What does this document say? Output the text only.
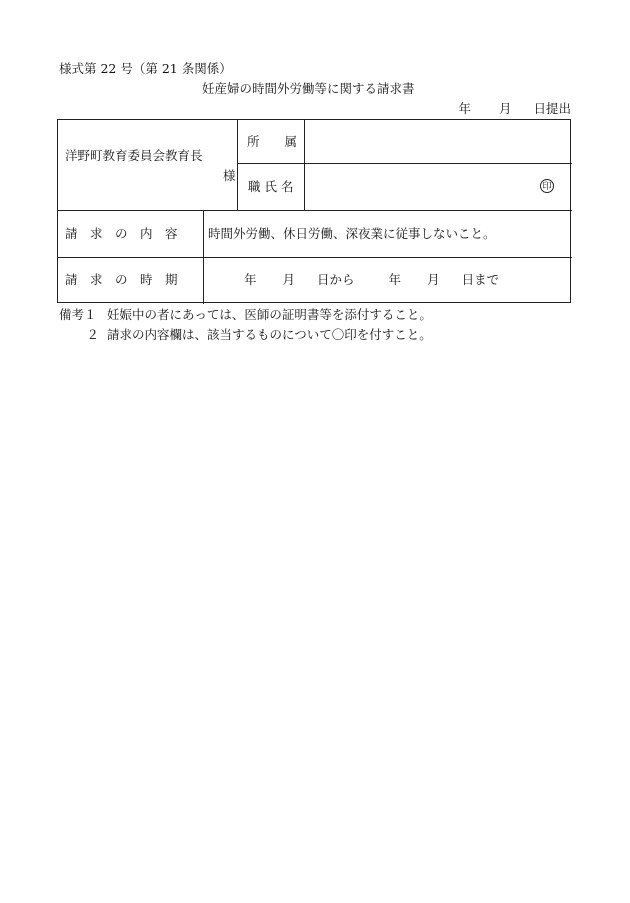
様式第 22 号（第 21 条関係）
妊産婦の時間外労働等に関する請求書
年 月 日提出
洋野町教育委員会教育長
様
所　　属
職 氏 名	印
請　求　の　内　容 時間外労働、休日労働、深夜業に従事しないこと。
請　求　の　時　期	年 月 日から	年 月 日まで
備考１ 妊娠中の者にあっては、医師の証明書等を添付すること。
２ 請求の内容欄は、該当するものについて〇印を付すこと。
